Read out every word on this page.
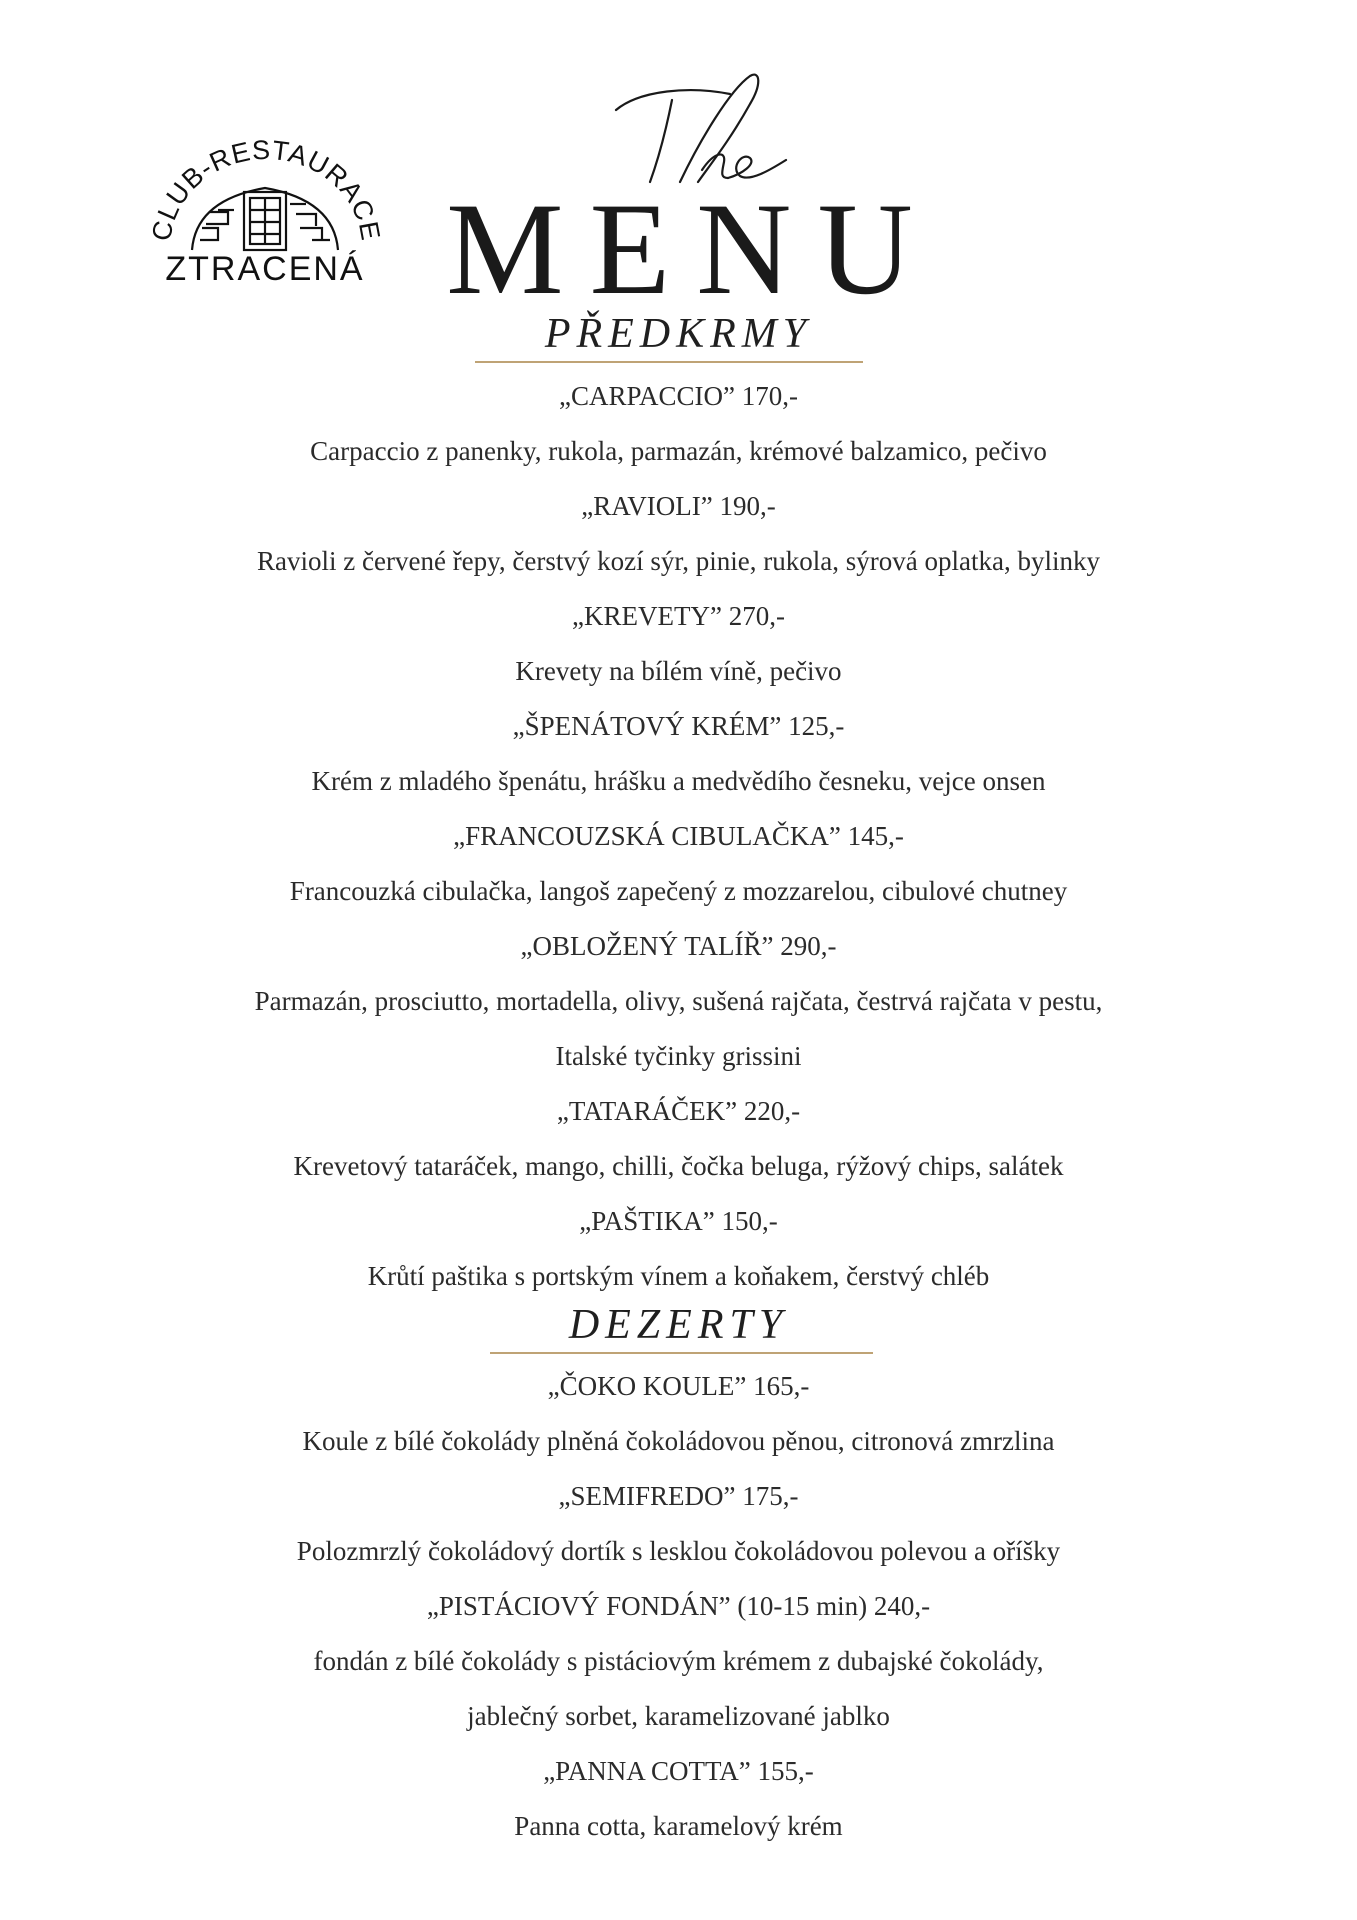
CLUB-RESTAURACE
ZTRACENÁ
The
MENU
PŘEDKRMY
„CARPACCIO” 170,-
Carpaccio z panenky, rukola, parmazán, krémové balzamico, pečivo
„RAVIOLI” 190,-
Ravioli z červené řepy, čerstvý kozí sýr, pinie, rukola, sýrová oplatka, bylinky
„KREVETY” 270,-
Krevety na bílém víně, pečivo
„ŠPENÁTOVÝ KRÉM” 125,-
Krém z mladého špenátu, hrášku a medvědího česneku, vejce onsen
„FRANCOUZSKÁ CIBULAČKA” 145,-
Francouzká cibulačka, langoš zapečený z mozzarelou, cibulové chutney
„OBLOŽENÝ TALÍŘ” 290,-
Parmazán, prosciutto, mortadella, olivy, sušená rajčata, čestrvá rajčata v pestu,
Italské tyčinky grissini
„TATARÁČEK” 220,-
Krevetový tataráček, mango, chilli, čočka beluga, rýžový chips, salátek
„PAŠTIKA” 150,-
Krůtí paštika s portským vínem a koňakem, čerstvý chléb
DEZERTY
„ČOKO KOULE” 165,-
Koule z bílé čokolády plněná čokoládovou pěnou, citronová zmrzlina
„SEMIFREDO” 175,-
Polozmrzlý čokoládový dortík s lesklou čokoládovou polevou a oříšky
„PISTÁCIOVÝ FONDÁN” (10-15 min) 240,-
fondán z bílé čokolády s pistáciovým krémem z dubajské čokolády,
jablečný sorbet, karamelizované jablko
„PANNA COTTA” 155,-
Panna cotta, karamelový krém
